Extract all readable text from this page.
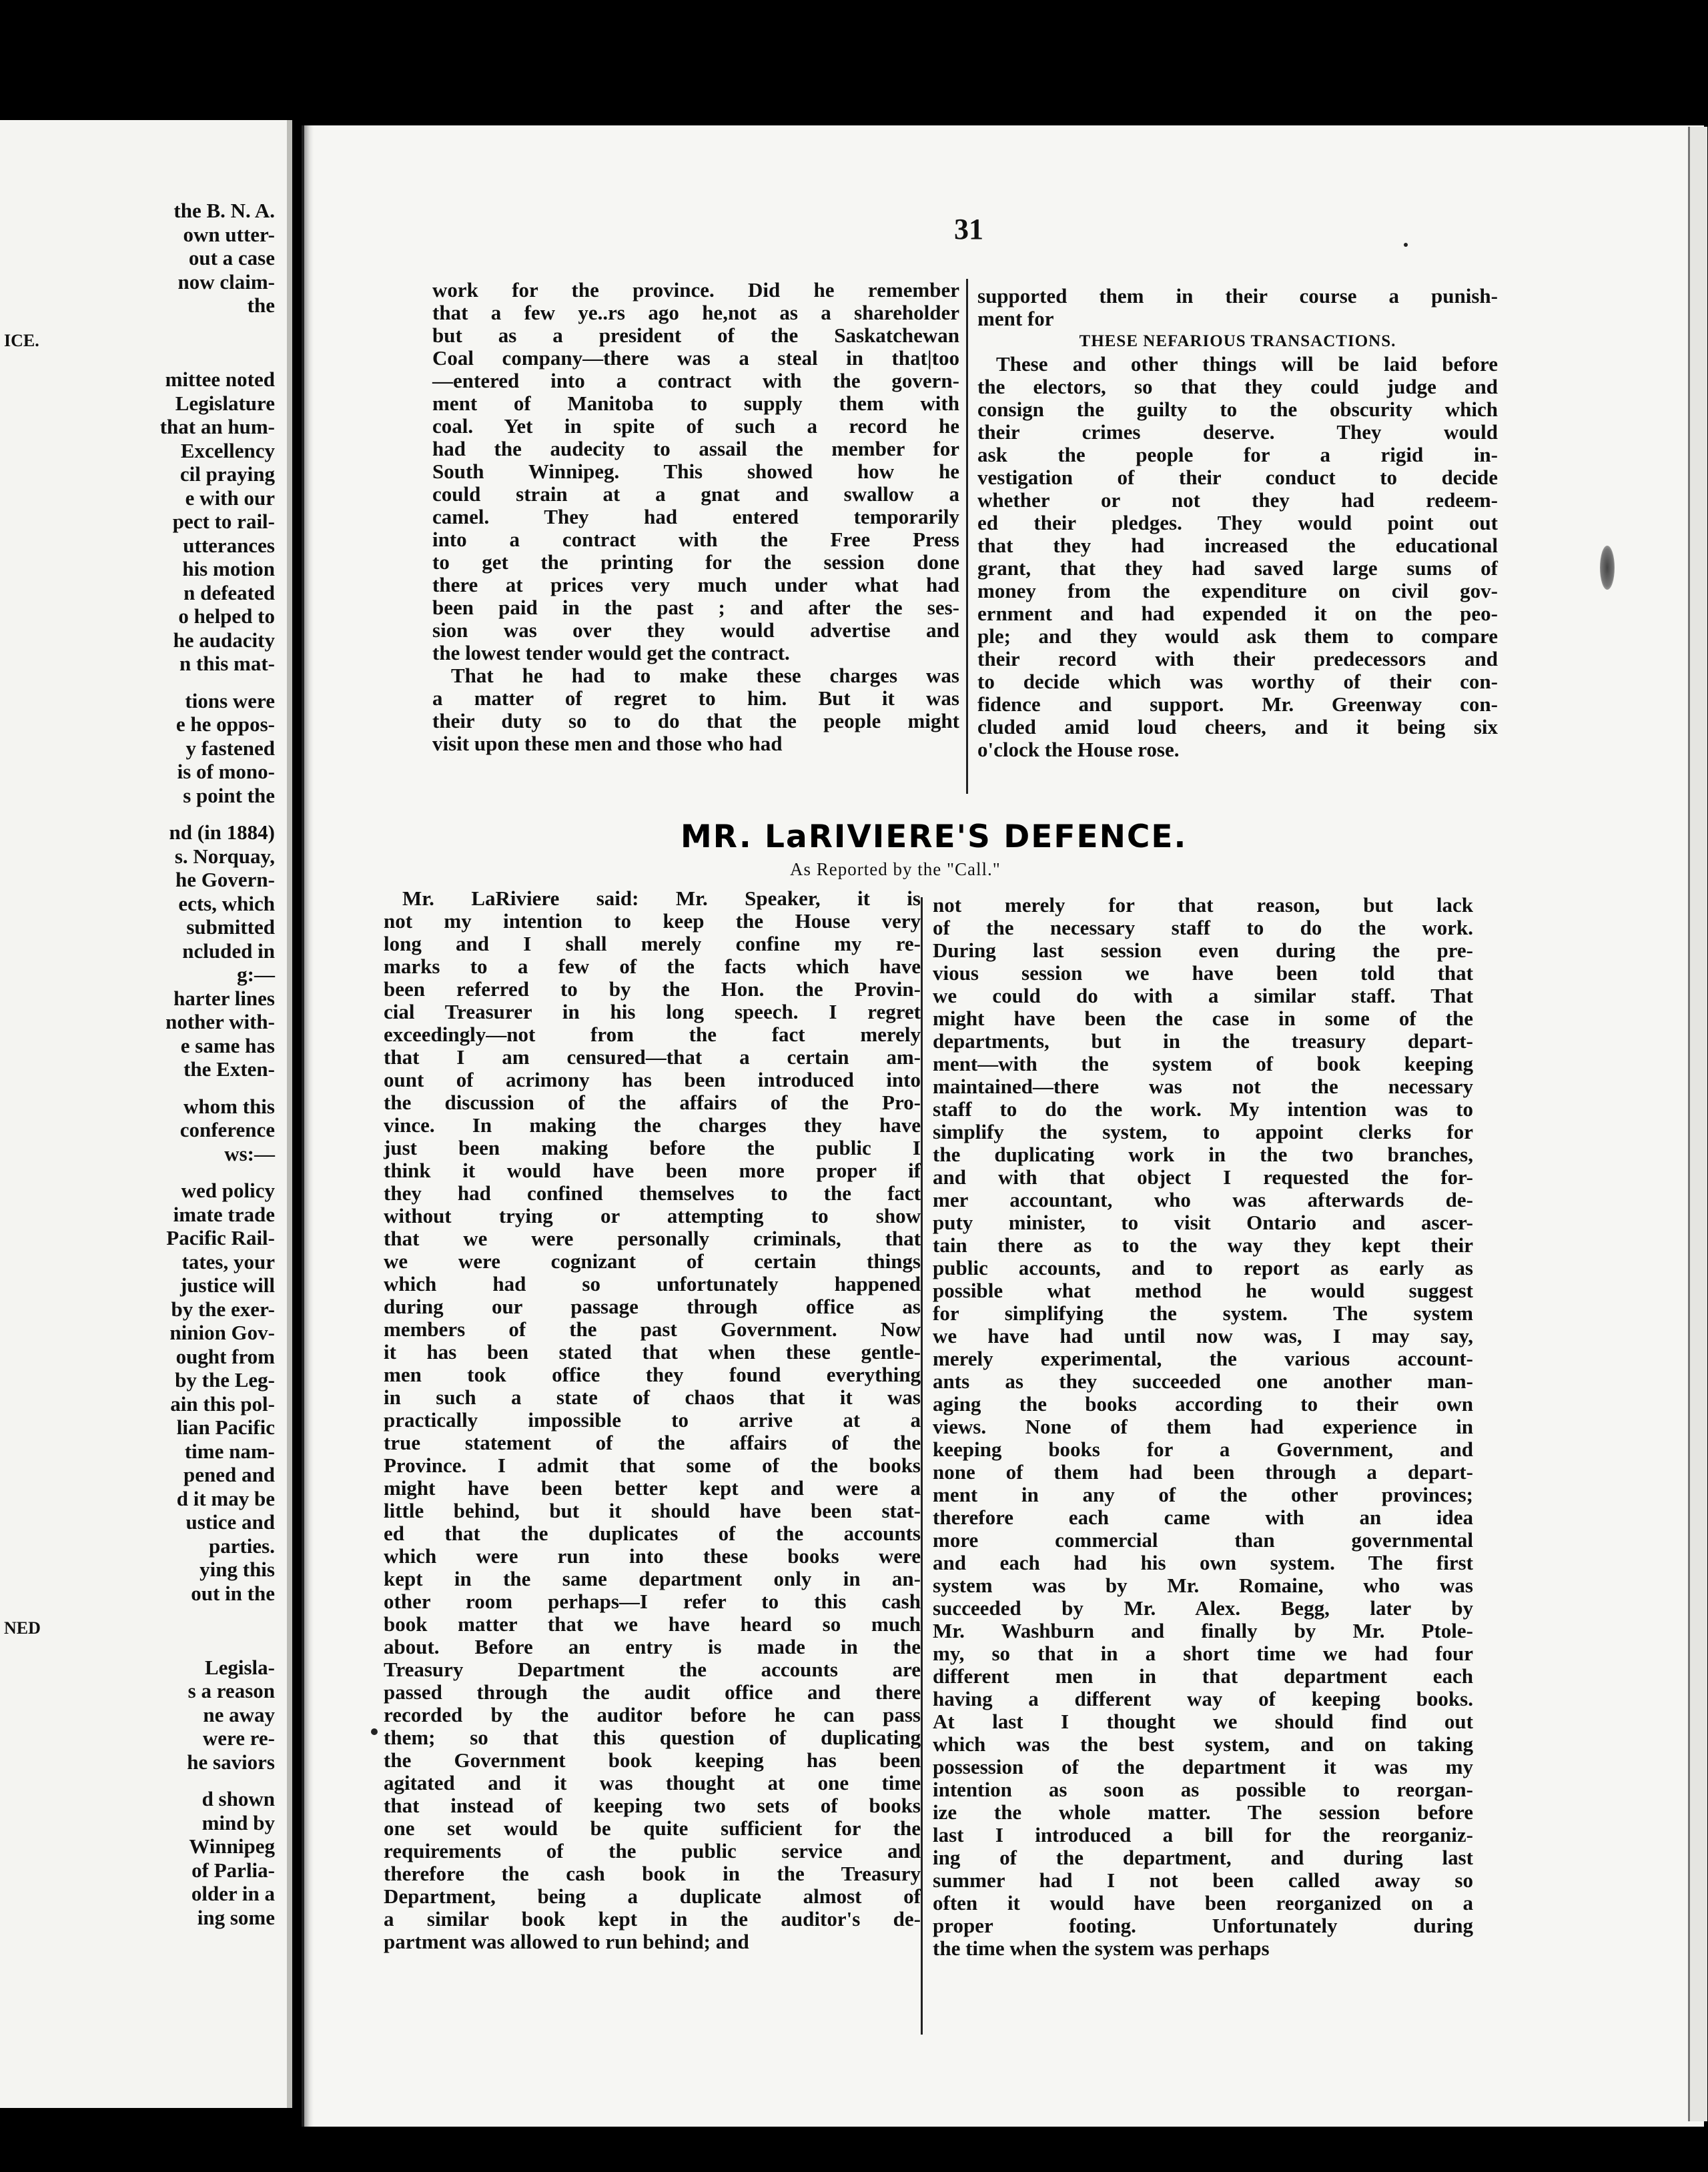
the B. N. A.
own utter-
out a case
now claim-
the
ICE.
mittee noted
Legislature
that an hum-
Excellency
cil praying
e with our
pect to rail-
utterances
his motion
n defeated
o helped to
he audacity
n this mat-
tions were
e he oppos-
y fastened
is of mono-
s point the
nd (in 1884)
s. Norquay,
he Govern-
ects, which
submitted
ncluded in
g:—
harter lines
nother with-
e same has
the Exten-
whom this
conference
ws:—
wed policy
imate trade
Pacific Rail-
tates, your
justice will
by the exer-
ninion Gov-
ought from
by the Leg-
ain this pol-
lian Pacific
time nam-
pened and
d it may be
ustice and
parties.
ying this
out in the
NED
Legisla-
s a reason
ne away
were re-
he saviors
d shown
mind by
Winnipeg
of Parlia-
older in a
ing some
31
work for the province. Did he remember
that a few ye..rs ago he,not as a shareholder
but as a president of the Saskatchewan
Coal company—there was a steal in that|too
—entered into a contract with the govern-
ment of Manitoba to supply them with
coal. Yet in spite of such a record he
had the audecity to assail the member for
South Winnipeg. This showed how he
could strain at a gnat and swallow a
camel. They had entered temporarily
into a contract with the Free Press
to get the printing for the session done
there at prices very much under what had
been paid in the past ; and after the ses-
sion was over they would advertise and
the lowest tender would get the contract.
That he had to make these charges was
a matter of regret to him. But it was
their duty so to do that the people might
visit upon these men and those who had
supported them in their course a punish-
ment for
THESE NEFARIOUS TRANSACTIONS.
These and other things will be laid before
the electors, so that they could judge and
consign the guilty to the obscurity which
their crimes deserve. They would
ask the people for a rigid in-
vestigation of their conduct to decide
whether or not they had redeem-
ed their pledges. They would point out
that they had increased the educational
grant, that they had saved large sums of
money from the expenditure on civil gov-
ernment and had expended it on the peo-
ple; and they would ask them to compare
their record with their predecessors and
to decide which was worthy of their con-
fidence and support. Mr. Greenway con-
cluded amid loud cheers, and it being six
o'clock the House rose.
MR. LaRIVIERE'S DEFENCE.
As Reported by the "Call."
Mr. LaRiviere said: Mr. Speaker, it is
not my intention to keep the House very
long and I shall merely confine my re-
marks to a few of the facts which have
been referred to by the Hon. the Provin-
cial Treasurer in his long speech. I regret
exceedingly—not from the fact merely
that I am censured—that a certain am-
ount of acrimony has been introduced into
the discussion of the affairs of the Pro-
vince. In making the charges they have
just been making before the public I
think it would have been more proper if
they had confined themselves to the fact
without trying or attempting to show
that we were personally criminals, that
we were cognizant of certain things
which had so unfortunately happened
during our passage through office as
members of the past Government. Now
it has been stated that when these gentle-
men took office they found everything
in such a state of chaos that it was
practically impossible to arrive at a
true statement of the affairs of the
Province. I admit that some of the books
might have been better kept and were a
little behind, but it should have been stat-
ed that the duplicates of the accounts
which were run into these books were
kept in the same department only in an-
other room perhaps—I refer to this cash
book matter that we have heard so much
about. Before an entry is made in the
Treasury Department the accounts are
passed through the audit office and there
recorded by the auditor before he can pass
them; so that this question of duplicating
the Government book keeping has been
agitated and it was thought at one time
that instead of keeping two sets of books
one set would be quite sufficient for the
requirements of the public service and
therefore the cash book in the Treasury
Department, being a duplicate almost of
a similar book kept in the auditor's de-
partment was allowed to run behind; and
not merely for that reason, but lack
of the necessary staff to do the work.
During last session even during the pre-
vious session we have been told that
we could do with a similar staff. That
might have been the case in some of the
departments, but in the treasury depart-
ment—with the system of book keeping
maintained—there was not the necessary
staff to do the work. My intention was to
simplify the system, to appoint clerks for
the duplicating work in the two branches,
and with that object I requested the for-
mer accountant, who was afterwards de-
puty minister, to visit Ontario and ascer-
tain there as to the way they kept their
public accounts, and to report as early as
possible what method he would suggest
for simplifying the system. The system
we have had until now was, I may say,
merely experimental, the various account-
ants as they succeeded one another man-
aging the books according to their own
views. None of them had experience in
keeping books for a Government, and
none of them had been through a depart-
ment in any of the other provinces;
therefore each came with an idea
more commercial than governmental
and each had his own system. The first
system was by Mr. Romaine, who was
succeeded by Mr. Alex. Begg, later by
Mr. Washburn and finally by Mr. Ptole-
my, so that in a short time we had four
different men in that department each
having a different way of keeping books.
At last I thought we should find out
which was the best system, and on taking
possession of the department it was my
intention as soon as possible to reorgan-
ize the whole matter. The session before
last I introduced a bill for the reorganiz-
ing of the department, and during last
summer had I not been called away so
often it would have been reorganized on a
proper footing. Unfortunately during
the time when the system was perhaps
